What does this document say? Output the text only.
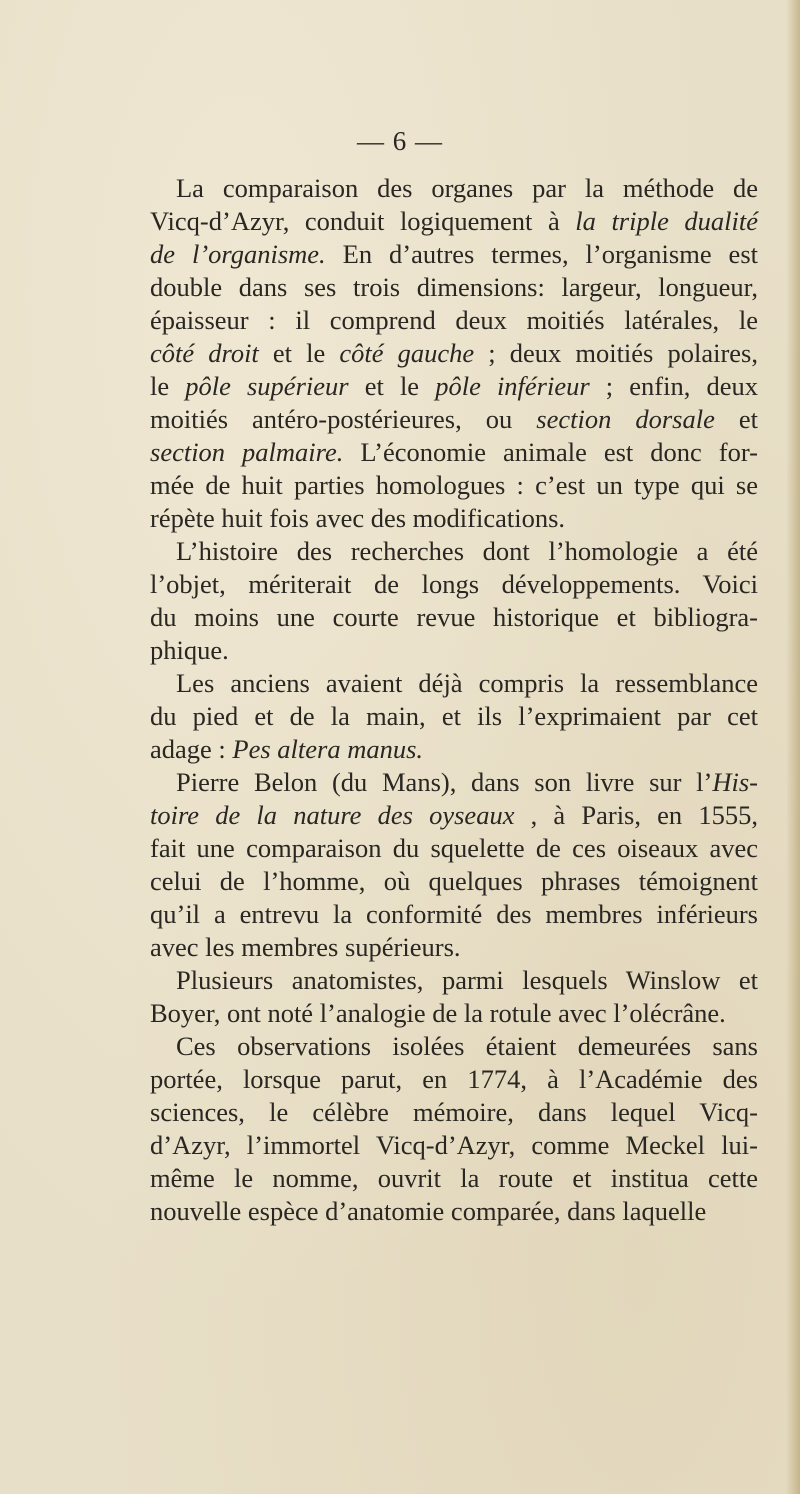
— 6 —
La comparaison des organes par la méthode de
Vicq-d’Azyr, conduit logiquement à la triple dualité
de l’organisme. En d’autres termes, l’organisme est
double dans ses trois dimensions: largeur, longueur,
épaisseur : il comprend deux moitiés latérales, le
côté droit et le côté gauche ; deux moitiés polaires,
le pôle supérieur et le pôle inférieur ; enfin, deux
moitiés antéro-postérieures, ou section dorsale et
section palmaire. L’économie animale est donc for-
mée de huit parties homologues : c’est un type qui se
répète huit fois avec des modifications.
L’histoire des recherches dont l’homologie a été
l’objet, mériterait de longs développements. Voici
du moins une courte revue historique et bibliogra-
phique.
Les anciens avaient déjà compris la ressemblance
du pied et de la main, et ils l’exprimaient par cet
adage : Pes altera manus.
Pierre Belon (du Mans), dans son livre sur l’His-
toire de la nature des oyseaux , à Paris, en 1555,
fait une comparaison du squelette de ces oiseaux avec
celui de l’homme, où quelques phrases témoignent
qu’il a entrevu la conformité des membres inférieurs
avec les membres supérieurs.
Plusieurs anatomistes, parmi lesquels Winslow et
Boyer, ont noté l’analogie de la rotule avec l’olécrâne.
Ces observations isolées étaient demeurées sans
portée, lorsque parut, en 1774, à l’Académie des
sciences, le célèbre mémoire, dans lequel Vicq-
d’Azyr, l’immortel Vicq-d’Azyr, comme Meckel lui-
même le nomme, ouvrit la route et institua cette
nouvelle espèce d’anatomie comparée, dans laquelle
